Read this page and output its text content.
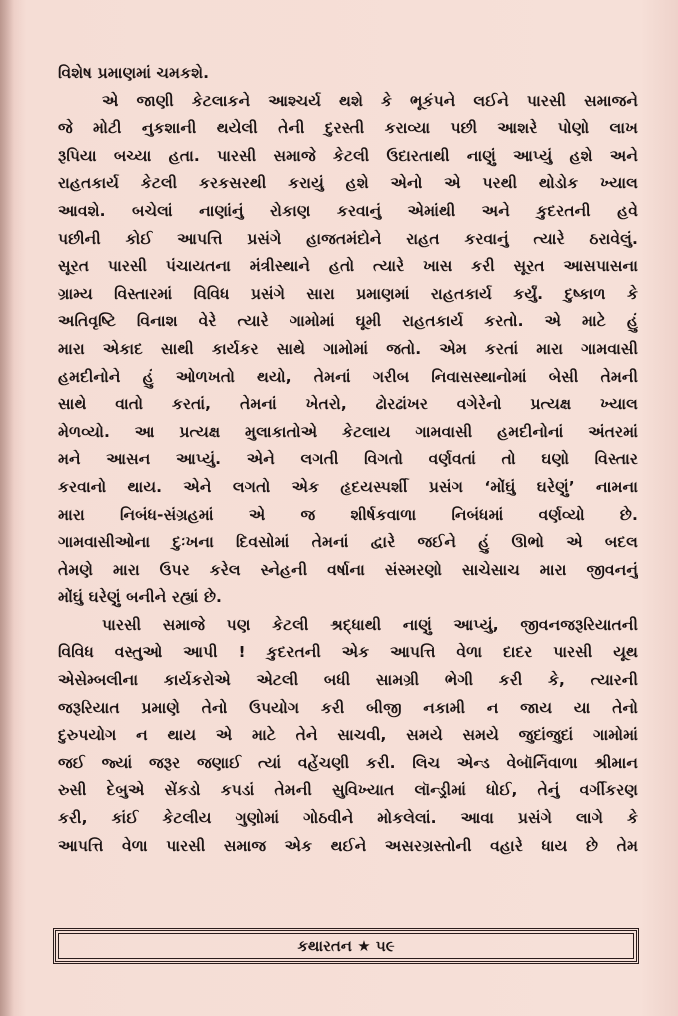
વિશેષ પ્રમાણમાં ચમકશે.
એ જાણી કેટલાકને આશ્ચર્ય થશે કે ભૂકંપને લઈને પારસી સમાજને
જે મોટી નુકશાની થયેલી તેની દુરસ્તી કરાવ્યા પછી આશરે પોણો લાખ
રૂપિયા બચ્યા હતા. પારસી સમાજે કેટલી ઉદારતાથી નાણું આપ્યું હશે અને
રાહતકાર્ય કેટલી કરકસરથી કરાયું હશે એનો એ પરથી થોડોક ખ્યાલ
આવશે. બચેલાં નાણાંનું રોકાણ કરવાનું એમાંથી અને કુદરતની હવે
પછીની કોઈ આપત્તિ પ્રસંગે હાજતમંદોને રાહત કરવાનું ત્યારે ઠરાવેલું.
સૂરત પારસી પંચાયતના મંત્રીસ્થાને હતો ત્યારે ખાસ કરી સૂરત આસપાસના
ગ્રામ્ય વિસ્તારમાં વિવિધ પ્રસંગે સારા પ્રમાણમાં રાહતકાર્ય કર્યું. દુષ્કાળ કે
અતિવૃષ્ટિ વિનાશ વેરે ત્યારે ગામોમાં ઘૂમી રાહતકાર્ય કરતો. એ માટે હું
મારા એકાદ સાથી કાર્યકર સાથે ગામોમાં જતો. એમ કરતાં મારા ગામવાસી
હમદીનોને હું ઓળખતો થયો, તેમનાં ગરીબ નિવાસસ્થાનોમાં બેસી તેમની
સાથે વાતો કરતાં, તેમનાં ખેતરો, ઢોરઢાંખર વગેરેનો પ્રત્યક્ષ ખ્યાલ
મેળવ્યો. આ પ્રત્યક્ષ મુલાકાતોએ કેટલાય ગામવાસી હમદીનોનાં અંતરમાં
મને આસન આપ્યું. એને લગતી વિગતો વર્ણવતાં તો ઘણો વિસ્તાર
કરવાનો થાય. એને લગતો એક હૃદયસ્પર્શી પ્રસંગ ‘મોંઘું ઘરેણું’ નામના
મારા નિબંધ-સંગ્રહમાં એ જ શીર્ષકવાળા નિબંધમાં વર્ણવ્યો છે.
ગામવાસીઓના દુઃખના દિવસોમાં તેમનાં દ્વારે જઈને હું ઊભો એ બદલ
તેમણે મારા ઉપર કરેલ સ્નેહની વર્ષાના સંસ્મરણો સાચેસાચ મારા જીવનનું
મોંઘું ઘરેણું બનીને રહ્યાં છે.
પારસી સમાજે પણ કેટલી શ્રદ્ધાથી નાણું આપ્યું, જીવનજરૂરિયાતની
વિવિધ વસ્તુઓ આપી ! કુદરતની એક આપત્તિ વેળા દાદર પારસી યૂથ
એસેમ્બલીના કાર્યકરોએ એટલી બધી સામગ્રી ભેગી કરી કે, ત્યારની
જરૂરિયાત પ્રમાણે તેનો ઉપયોગ કરી બીજી નકામી ન જાય યા તેનો
દુરુપયોગ ન થાય એ માટે તેને સાચવી, સમયે સમયે જુદાંજુદાં ગામોમાં
જઈ જ્યાં જરૂર જણાઈ ત્યાં વહેંચણી કરી. લિચ એન્ડ વેબૉર્નિવાળા શ્રીમાન
રુસી દેબુએ સેંકડો કપડાં તેમની સુવિખ્યાત લૉન્ડ્રીમાં ધોઈ, તેનું વર્ગીકરણ
કરી, કાંઈ કેટલીય ગુણોમાં ગોઠવીને મોકલેલાં. આવા પ્રસંગે લાગે કે
આપત્તિ વેળા પારસી સમાજ એક થઈને અસરગ્રસ્તોની વહારે ધાય છે તેમ
કથારતન ★ ૫૯
